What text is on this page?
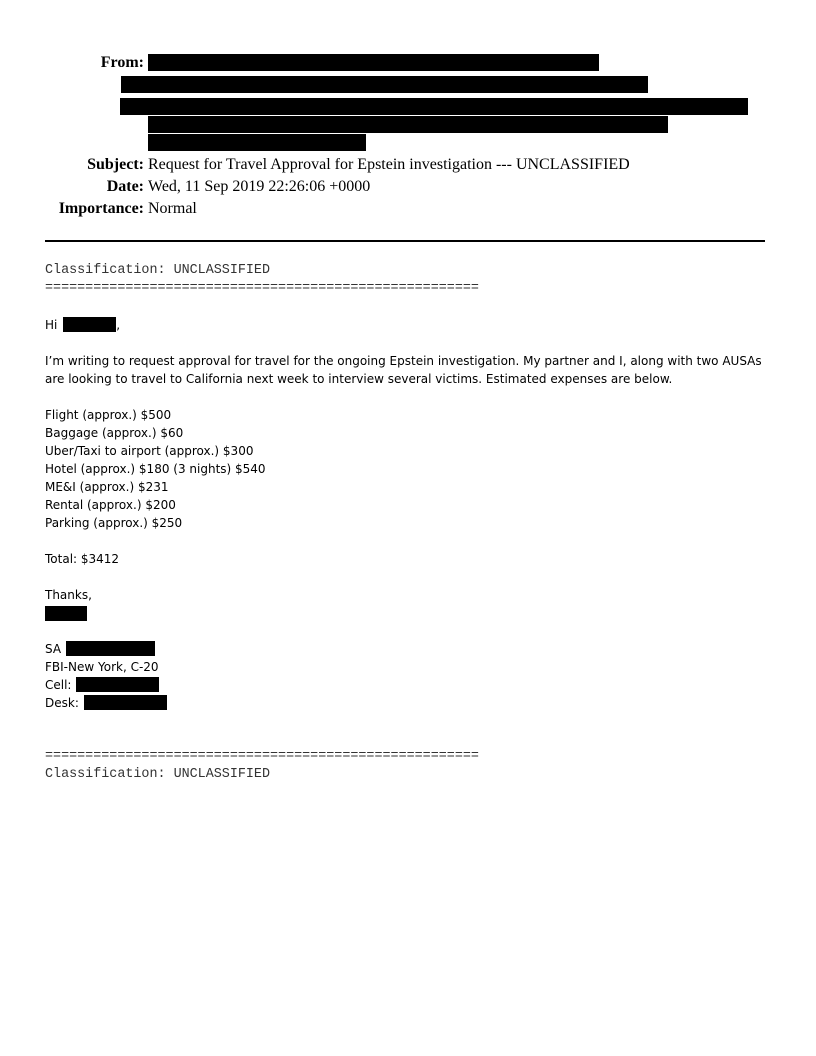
From:
Subject: Request for Travel Approval for Epstein investigation --- UNCLASSIFIED
Date: Wed, 11 Sep 2019 22:26:06 +0000
Importance: Normal
Classification: UNCLASSIFIED
======================================================
Hi	,
I’m writing to request approval for travel for the ongoing Epstein investigation. My partner and I, along with two AUSAs are looking to travel to California next week to interview several victims. Estimated expenses are below.
Flight (approx.) $500
Baggage (approx.) $60
Uber/Taxi to airport (approx.) $300
Hotel (approx.) $180 (3 nights) $540
ME&I (approx.) $231
Rental (approx.) $200
Parking (approx.) $250
Total: $3412
Thanks,
SA
FBI-New York, C-20
Cell:
Desk:
======================================================
Classification: UNCLASSIFIED
